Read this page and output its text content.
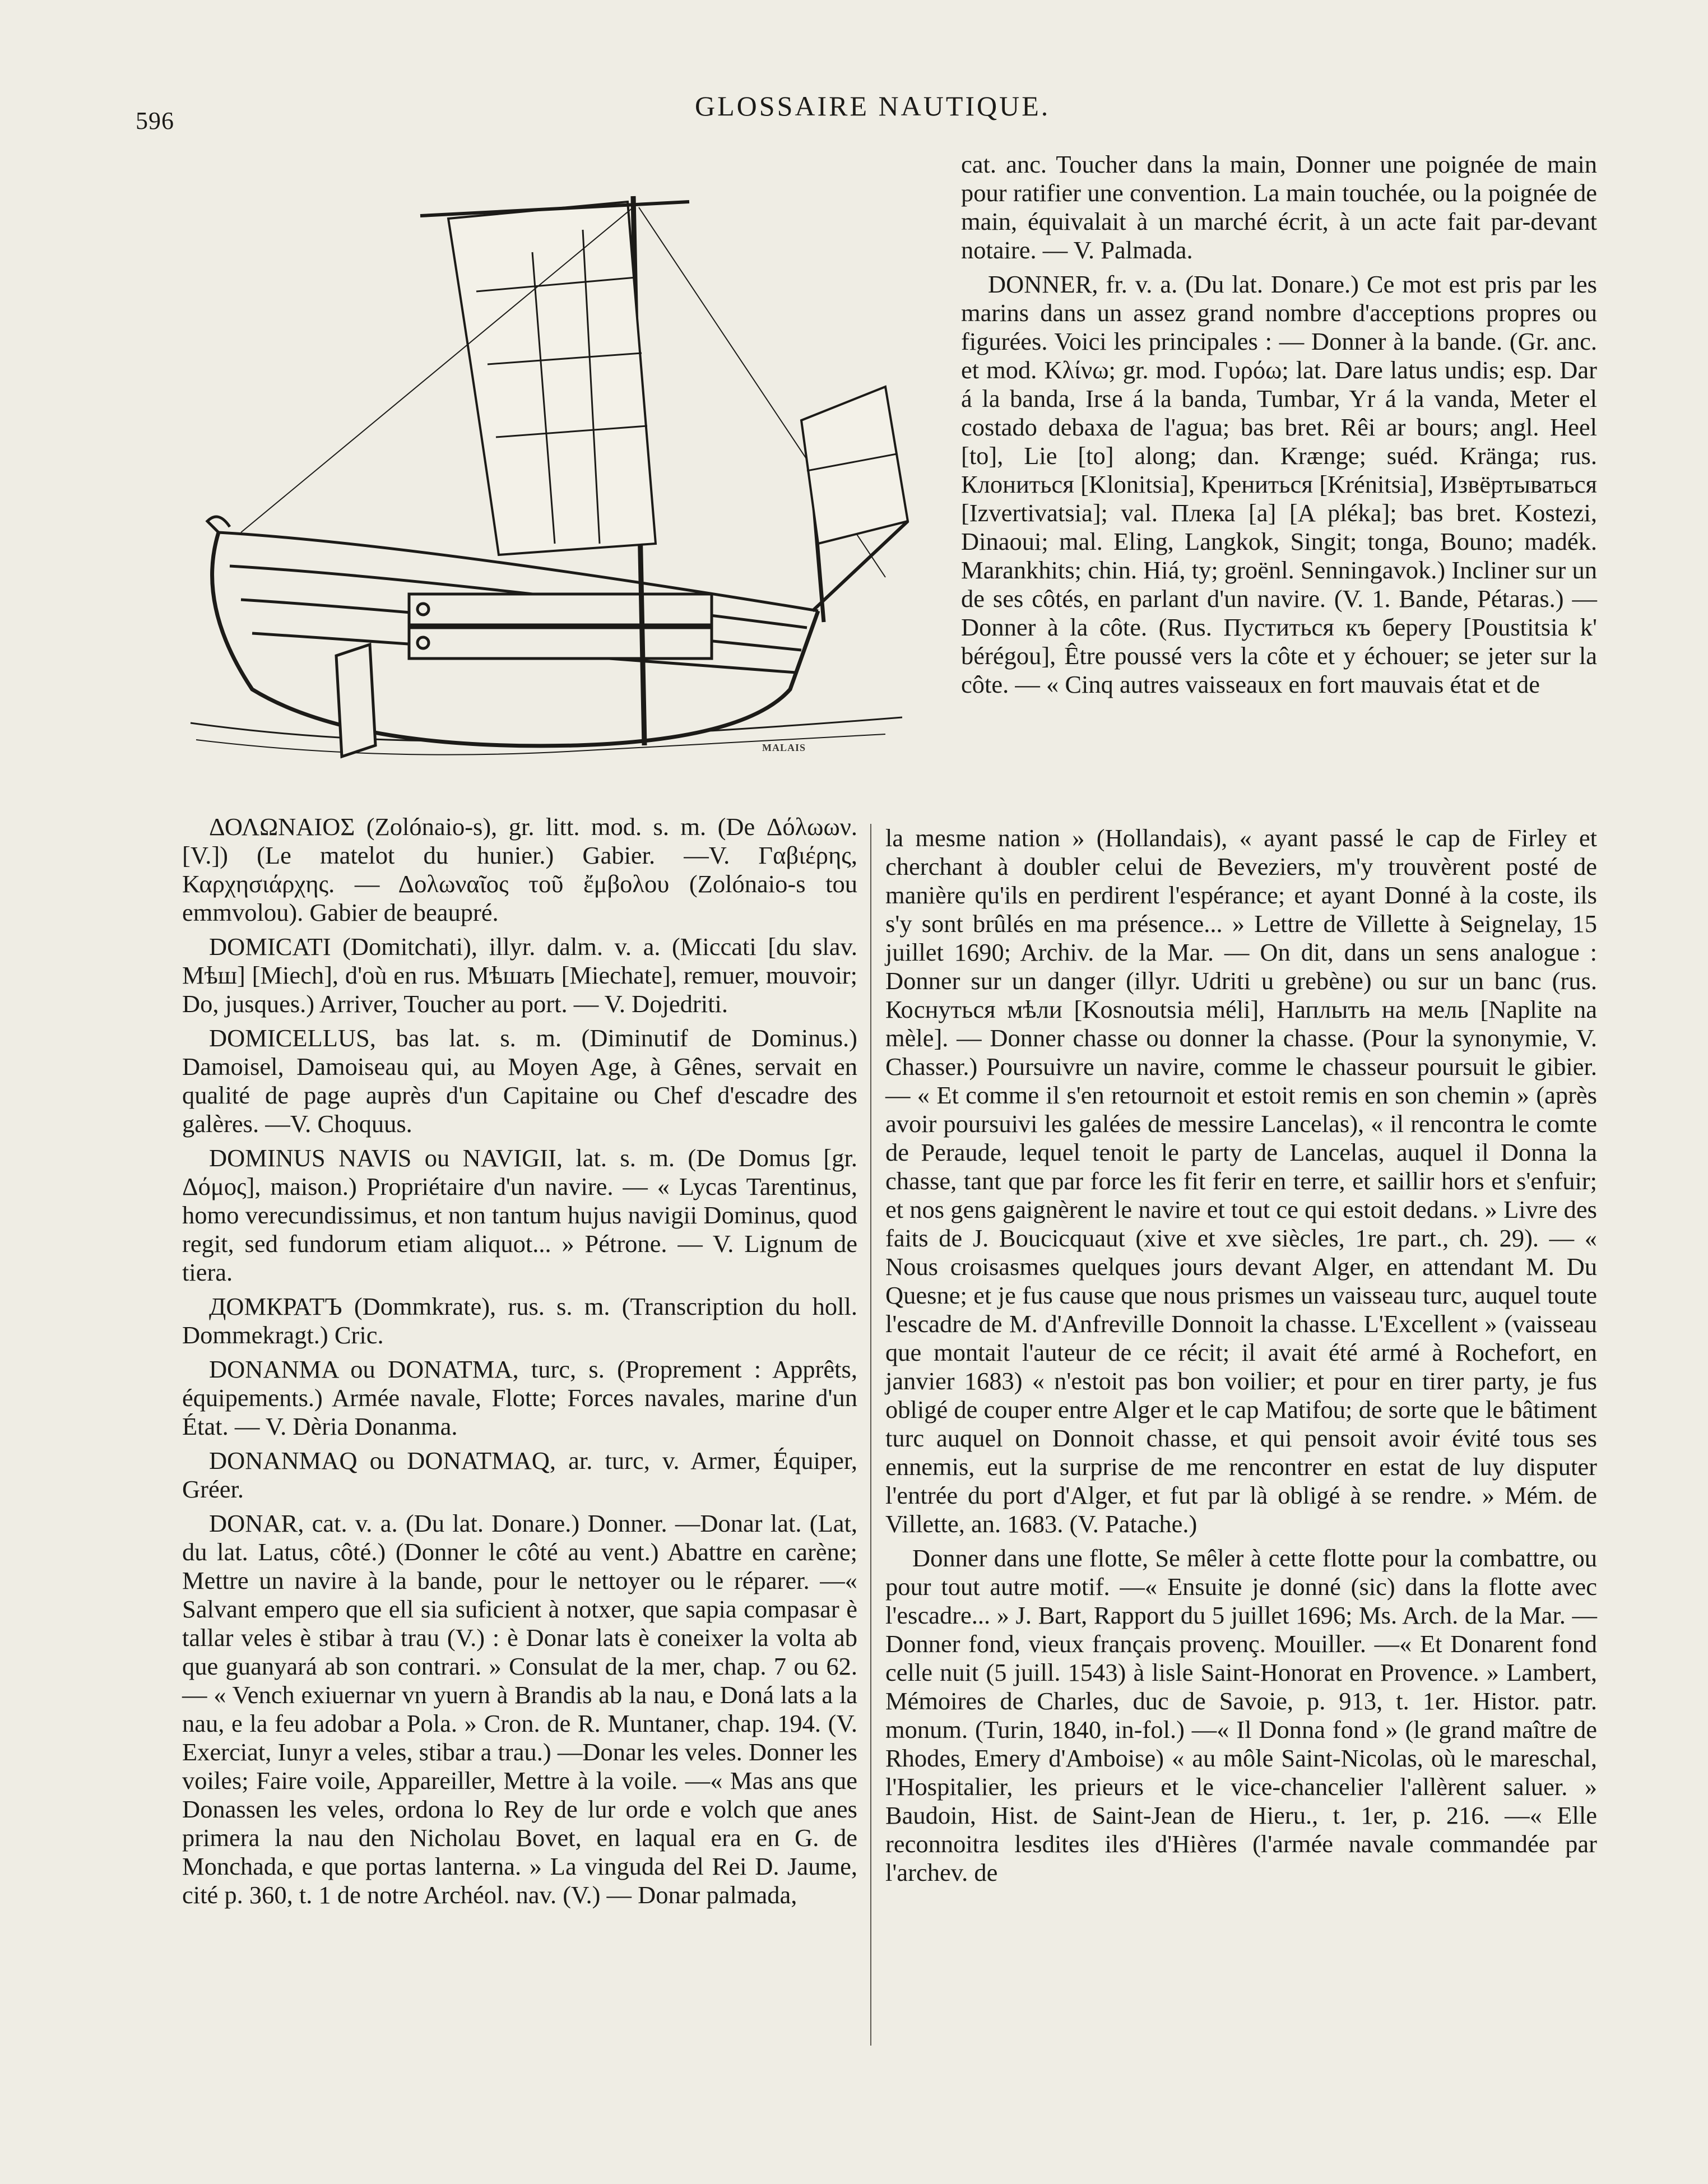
596	GLOSSAIRE NAUTIQUE.
MALAIS

cat. anc. Toucher dans la main, Donner une poignée de main pour ratifier une convention. La main touchée, ou la poignée de main, équivalait à un marché écrit, à un acte fait par-devant notaire. — V. Palmada.

DONNER, fr. v. a. (Du lat. Donare.) Ce mot est pris par les marins dans un assez grand nombre d'acceptions propres ou figurées. Voici les principales : — Donner à la bande. (Gr. anc. et mod. Κλίνω; gr. mod. Γυρόω; lat. Dare latus undis; esp. Dar á la banda, Irse á la banda, Tumbar, Yr á la vanda, Meter el costado debaxa de l'agua; bas bret. Rêi ar bours; angl. Heel [to], Lie [to] along; dan. Krænge; suéd. Kränga; rus. Клониться [Klonitsia], Крениться [Krénitsia], Извёртываться [Izvertivatsia]; val. Плека [a] [A pléka]; bas bret. Kostezi, Dinaoui; mal. Eling, Langkok, Singit; tonga, Bouno; madék. Marankhits; chin. Hiá, ty; groënl. Senningavok.) Incliner sur un de ses côtés, en parlant d'un navire. (V. 1. Bande, Pétaras.) — Donner à la côte. (Rus. Пуститься къ берегу [Poustitsia k' bérégou], Être poussé vers la côte et y échouer; se jeter sur la côte. — « Cinq autres vaisseaux en fort mauvais état et de

ΔΟΛΩΝΑΙΟΣ (Zolónaio-s), gr. litt. mod. s. m. (De Δόλωων. [V.]) (Le matelot du hunier.) Gabier. —V. Γαβιέρης, Καρχησιάρχης. — Δολωναῖος τοῦ ἔμβολου (Zolónaio-s tou emmvolou). Gabier de beaupré.

DOMICATI (Domitchati), illyr. dalm. v. a. (Miccati [du slav. Мѣш] [Miech], d'où en rus. Мѣшать [Miechate], remuer, mouvoir; Do, jusques.) Arriver, Toucher au port. — V. Dojedriti.

DOMICELLUS, bas lat. s. m. (Diminutif de Dominus.) Damoisel, Damoiseau qui, au Moyen Age, à Gênes, servait en qualité de page auprès d'un Capitaine ou Chef d'escadre des galères. —V. Choquus.

DOMINUS NAVIS ou NAVIGII, lat. s. m. (De Domus [gr. Δόμος], maison.) Propriétaire d'un navire. — « Lycas Tarentinus, homo verecundissimus, et non tantum hujus navigii Dominus, quod regit, sed fundorum etiam aliquot... » Pétrone. — V. Lignum de tiera.

ДОМКРАТЪ (Dommkrate), rus. s. m. (Transcription du holl. Dommekragt.) Cric.

DONANMA ou DONATMA, turc, s. (Proprement : Apprêts, équipements.) Armée navale, Flotte; Forces navales, marine d'un État. — V. Dèria Donanma.

DONANMAQ ou DONATMAQ, ar. turc, v. Armer, Équiper, Gréer.

DONAR, cat. v. a. (Du lat. Donare.) Donner. —Donar lat. (Lat, du lat. Latus, côté.) (Donner le côté au vent.) Abattre en carène; Mettre un navire à la bande, pour le nettoyer ou le réparer. —« Salvant empero que ell sia suficient à notxer, que sapia compasar è tallar veles è stibar à trau (V.) : è Donar lats è coneixer la volta ab que guanyará ab son contrari. » Consulat de la mer, chap. 7 ou 62. — « Vench exiuernar vn yuern à Brandis ab la nau, e Doná lats a la nau, e la feu adobar a Pola. » Cron. de R. Muntaner, chap. 194. (V. Exerciat, Iunyr a veles, stibar a trau.) —Donar les veles. Donner les voiles; Faire voile, Appareiller, Mettre à la voile. —« Mas ans que Donassen les veles, ordona lo Rey de lur orde e volch que anes primera la nau den Nicholau Bovet, en laqual era en G. de Monchada, e que portas lanterna. » La vinguda del Rei D. Jaume, cité p. 360, t. 1 de notre Archéol. nav. (V.) — Donar palmada,

la mesme nation » (Hollandais), « ayant passé le cap de Firley et cherchant à doubler celui de Beveziers, m'y trouvèrent posté de manière qu'ils en perdirent l'espérance; et ayant Donné à la coste, ils s'y sont brûlés en ma présence... » Lettre de Villette à Seignelay, 15 juillet 1690; Archiv. de la Mar. — On dit, dans un sens analogue : Donner sur un danger (illyr. Udriti u grebène) ou sur un banc (rus. Коснуться мѣли [Kosnoutsia méli], Наплыть на мель [Naplite na mèle]. — Donner chasse ou donner la chasse. (Pour la synonymie, V. Chasser.) Poursuivre un navire, comme le chasseur poursuit le gibier. — « Et comme il s'en retournoit et estoit remis en son chemin » (après avoir poursuivi les galées de messire Lancelas), « il rencontra le comte de Peraude, lequel tenoit le party de Lancelas, auquel il Donna la chasse, tant que par force les fit ferir en terre, et saillir hors et s'enfuir; et nos gens gaignèrent le navire et tout ce qui estoit dedans. » Livre des faits de J. Boucicquaut (xive et xve siècles, 1re part., ch. 29). — « Nous croisasmes quelques jours devant Alger, en attendant M. Du Quesne; et je fus cause que nous prismes un vaisseau turc, auquel toute l'escadre de M. d'Anfreville Donnoit la chasse. L'Excellent » (vaisseau que montait l'auteur de ce récit; il avait été armé à Rochefort, en janvier 1683) « n'estoit pas bon voilier; et pour en tirer party, je fus obligé de couper entre Alger et le cap Matifou; de sorte que le bâtiment turc auquel on Donnoit chasse, et qui pensoit avoir évité tous ses ennemis, eut la surprise de me rencontrer en estat de luy disputer l'entrée du port d'Alger, et fut par là obligé à se rendre. » Mém. de Villette, an. 1683. (V. Patache.)

Donner dans une flotte, Se mêler à cette flotte pour la combattre, ou pour tout autre motif. —« Ensuite je donné (sic) dans la flotte avec l'escadre... » J. Bart, Rapport du 5 juillet 1696; Ms. Arch. de la Mar. —Donner fond, vieux français provenç. Mouiller. —« Et Donarent fond celle nuit (5 juill. 1543) à lisle Saint-Honorat en Provence. » Lambert, Mémoires de Charles, duc de Savoie, p. 913, t. 1er. Histor. patr. monum. (Turin, 1840, in-fol.) —« Il Donna fond » (le grand maître de Rhodes, Emery d'Amboise) « au môle Saint-Nicolas, où le mareschal, l'Hospitalier, les prieurs et le vice-chancelier l'allèrent saluer. » Baudoin, Hist. de Saint-Jean de Hieru., t. 1er, p. 216. —« Elle reconnoitra lesdites iles d'Hières (l'armée navale commandée par l'archev. de
